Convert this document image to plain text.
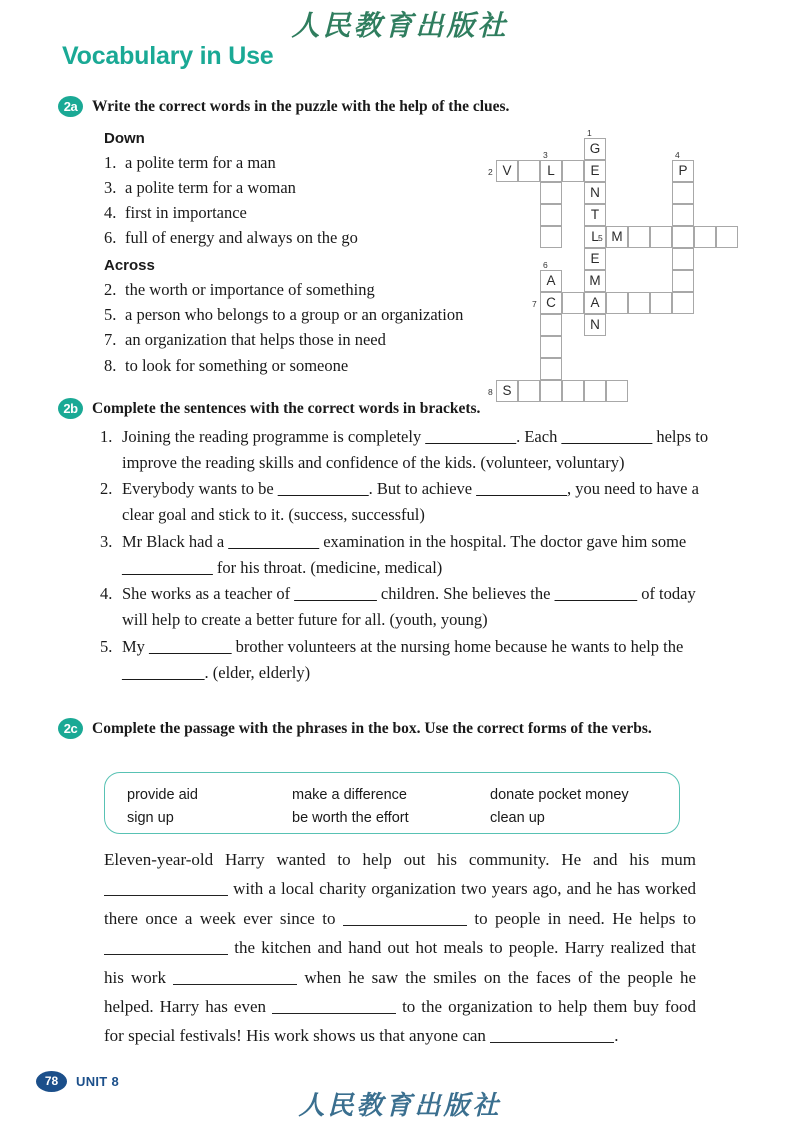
人民教育出版社
Vocabulary in Use
2a Write the correct words in the puzzle with the help of the clues.
Down
1. a polite term for a man
3. a polite term for a woman
4. first in importance
6. full of energy and always on the go
Across
2. the worth or importance of something
5. a person who belongs to a group or an organization
7. an organization that helps those in need
8. to look for something or someone
G
E
N
T
L
E
M
A
N
V	L	P
M
A
C
S
1
2
3	4
5
6
7
8
2b Complete the sentences with the correct words in brackets.
1. Joining the reading programme is completely ___________. Each ___________ helps to improve the reading skills and confidence of the kids. (volunteer, voluntary)
2. Everybody wants to be ___________. But to achieve ___________, you need to have a clear goal and stick to it. (success, successful)
3. Mr Black had a ___________ examination in the hospital. The doctor gave him some ___________ for his throat. (medicine, medical)
4. She works as a teacher of __________ children. She believes the __________ of today will help to create a better future for all. (youth, young)
5. My __________ brother volunteers at the nursing home because he wants to help the __________. (elder, elderly)
2c Complete the passage with the phrases in the box. Use the correct forms of the verbs.
provide aid	make a difference	donate pocket money
sign up	be worth the effort	clean up
Eleven-year-old Harry wanted to help out his community. He and his mum  with a local charity organization two years ago, and he has worked there once a week ever since to	to people in need. He helps to  the kitchen and hand out hot meals to people. Harry realized that his work	when he saw the smiles on the faces of the people he helped. Harry has even	to the organization to help them buy food for special festivals! His work shows us that anyone can	.
78	UNIT 8
人民教育出版社
